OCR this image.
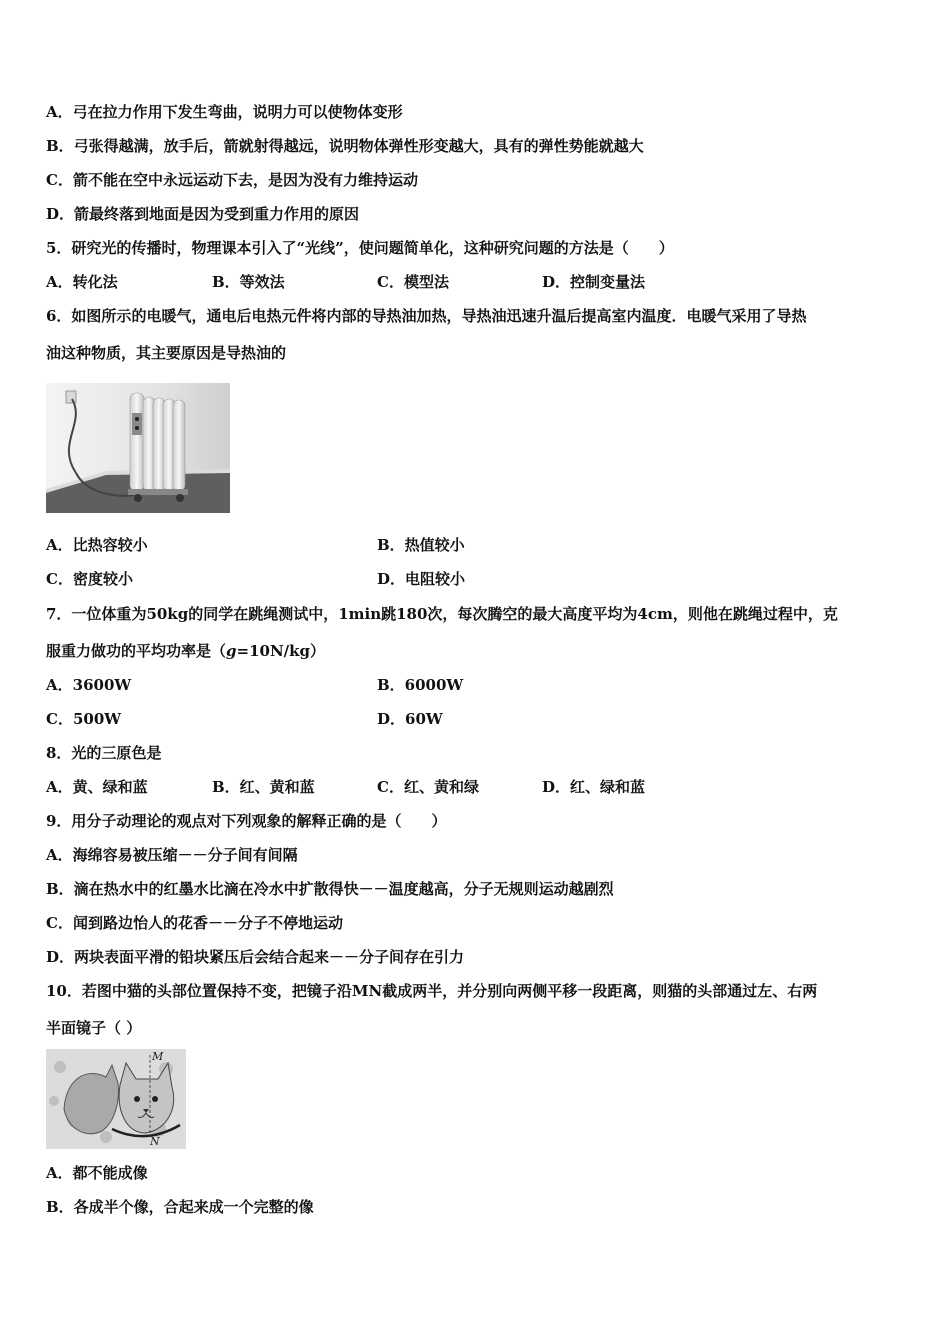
A．弓在拉力作用下发生弯曲，说明力可以使物体变形
B．弓张得越满，放手后，箭就射得越远，说明物体弹性形变越大，具有的弹性势能就越大
C．箭不能在空中永远运动下去，是因为没有力维持运动
D．箭最终落到地面是因为受到重力作用的原因
5．研究光的传播时，物理课本引入了“光线”，使问题简单化，这种研究问题的方法是（　　）
A．转化法	B．等效法	C．模型法	D．控制变量法
6．如图所示的电暖气，通电后电热元件将内部的导热油加热，导热油迅速升温后提高室内温度．电暖气采用了导热
油这种物质，其主要原因是导热油的
A．比热容较小	B．热值较小
C．密度较小	D．电阻较小
7．一位体重为50kg的同学在跳绳测试中，1min跳180次，每次腾空的最大高度平均为4cm，则他在跳绳过程中，克
服重力做功的平均功率是（g=10N/kg）
A．3600W	B．6000W
C．500W	D．60W
8．光的三原色是
A．黄、绿和蓝	B．红、黄和蓝	C．红、黄和绿	D．红、绿和蓝
9．用分子动理论的观点对下列观象的解释正确的是（　　）
A．海绵容易被压缩－－分子间有间隔
B．滴在热水中的红墨水比滴在冷水中扩散得快－－温度越高，分子无规则运动越剧烈
C．闻到路边怡人的花香－－分子不停地运动
D．两块表面平滑的铅块紧压后会结合起来－－分子间存在引力
10．若图中猫的头部位置保持不变，把镜子沿MN截成两半，并分别向两侧平移一段距离，则猫的头部通过左、右两
半面镜子（ ）
M
N
A．都不能成像
B．各成半个像，合起来成一个完整的像
